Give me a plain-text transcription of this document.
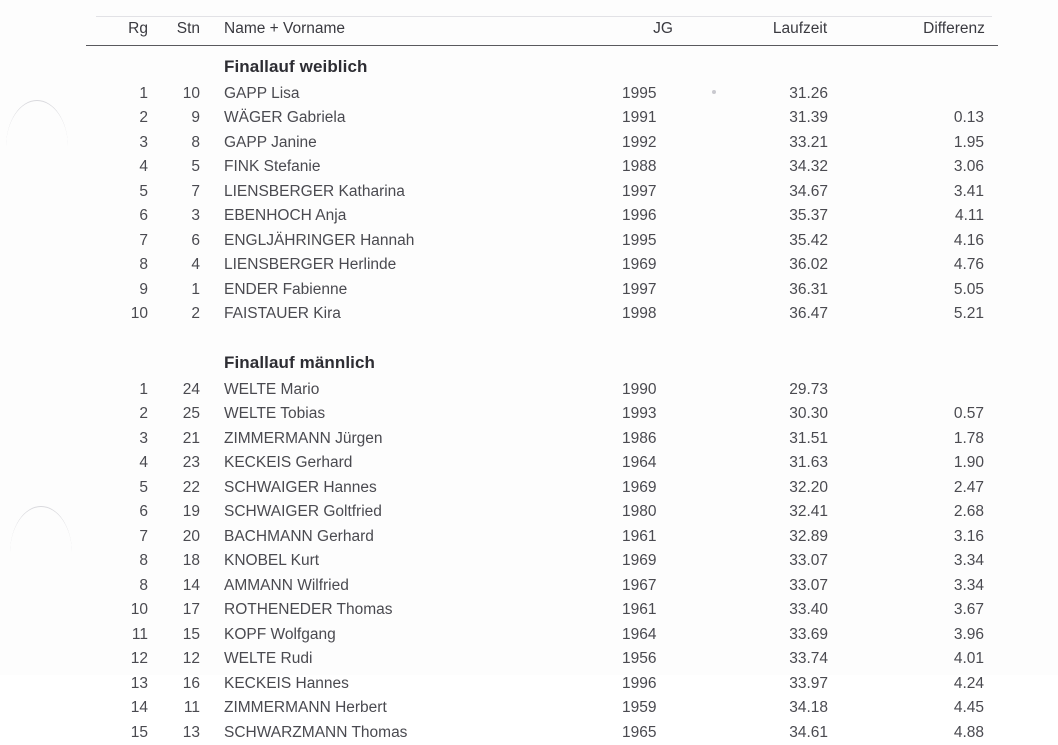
Rg	Stn Name + Vorname	JG	Laufzeit	Differenz
Finallauf weiblich
1	10 GAPP Lisa	1995	31.26
2	9 WÄGER Gabriela	1991	31.39	0.13
3	8 GAPP Janine	1992	33.21	1.95
4	5 FINK Stefanie	1988	34.32	3.06
5	7 LIENSBERGER Katharina	1997	34.67	3.41
6	3 EBENHOCH Anja	1996	35.37	4.11
7	6 ENGLJÄHRINGER Hannah	1995	35.42	4.16
8	4 LIENSBERGER Herlinde	1969	36.02	4.76
9	1 ENDER Fabienne	1997	36.31	5.05
10	2 FAISTAUER Kira	1998	36.47	5.21
Finallauf männlich
1	24 WELTE Mario	1990	29.73
2	25 WELTE Tobias	1993	30.30	0.57
3	21 ZIMMERMANN Jürgen	1986	31.51	1.78
4	23 KECKEIS Gerhard	1964	31.63	1.90
5	22 SCHWAIGER Hannes	1969	32.20	2.47
6	19 SCHWAIGER Goltfried	1980	32.41	2.68
7	20 BACHMANN Gerhard	1961	32.89	3.16
8	18 KNOBEL Kurt	1969	33.07	3.34
8	14 AMMANN Wilfried	1967	33.07	3.34
10	17 ROTHENEDER Thomas	1961	33.40	3.67
11	15 KOPF Wolfgang	1964	33.69	3.96
12	12 WELTE Rudi	1956	33.74	4.01
13	16 KECKEIS Hannes	1996	33.97	4.24
14	11 ZIMMERMANN Herbert	1959	34.18	4.45
15	13 SCHWARZMANN Thomas	1965	34.61	4.88
